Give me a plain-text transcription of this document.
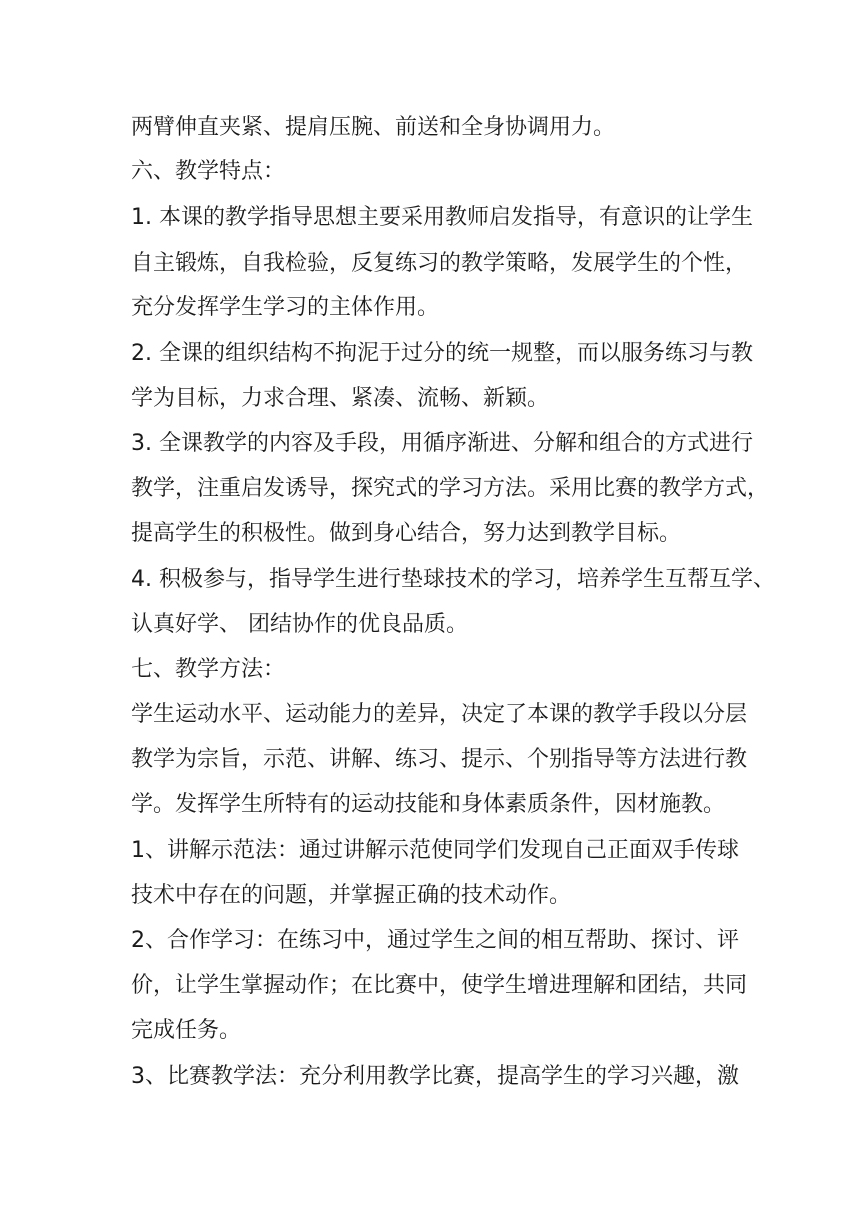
两臂伸直夹紧、提肩压腕、前送和全身协调用力。
六、教学特点：
1. 本课的教学指导思想主要采用教师启发指导，有意识的让学生
自主锻炼，自我检验，反复练习的教学策略，发展学生的个性，
充分发挥学生学习的主体作用。
2. 全课的组织结构不拘泥于过分的统一规整，而以服务练习与教
学为目标，力求合理、紧凑、流畅、新颖。
3. 全课教学的内容及手段，用循序渐进、分解和组合的方式进行
教学，注重启发诱导，探究式的学习方法。采用比赛的教学方式，
提高学生的积极性。做到身心结合，努力达到教学目标。
4. 积极参与，指导学生进行垫球技术的学习，培养学生互帮互学、
认真好学、 团结协作的优良品质。
七、教学方法：
学生运动水平、运动能力的差异，决定了本课的教学手段以分层
教学为宗旨，示范、讲解、练习、提示、个别指导等方法进行教
学。发挥学生所特有的运动技能和身体素质条件，因材施教。
1、讲解示范法：通过讲解示范使同学们发现自己正面双手传球
技术中存在的问题，并掌握正确的技术动作。
2、合作学习：在练习中，通过学生之间的相互帮助、探讨、评
价，让学生掌握动作；在比赛中，使学生增进理解和团结，共同
完成任务。
3、比赛教学法：充分利用教学比赛，提高学生的学习兴趣，激
